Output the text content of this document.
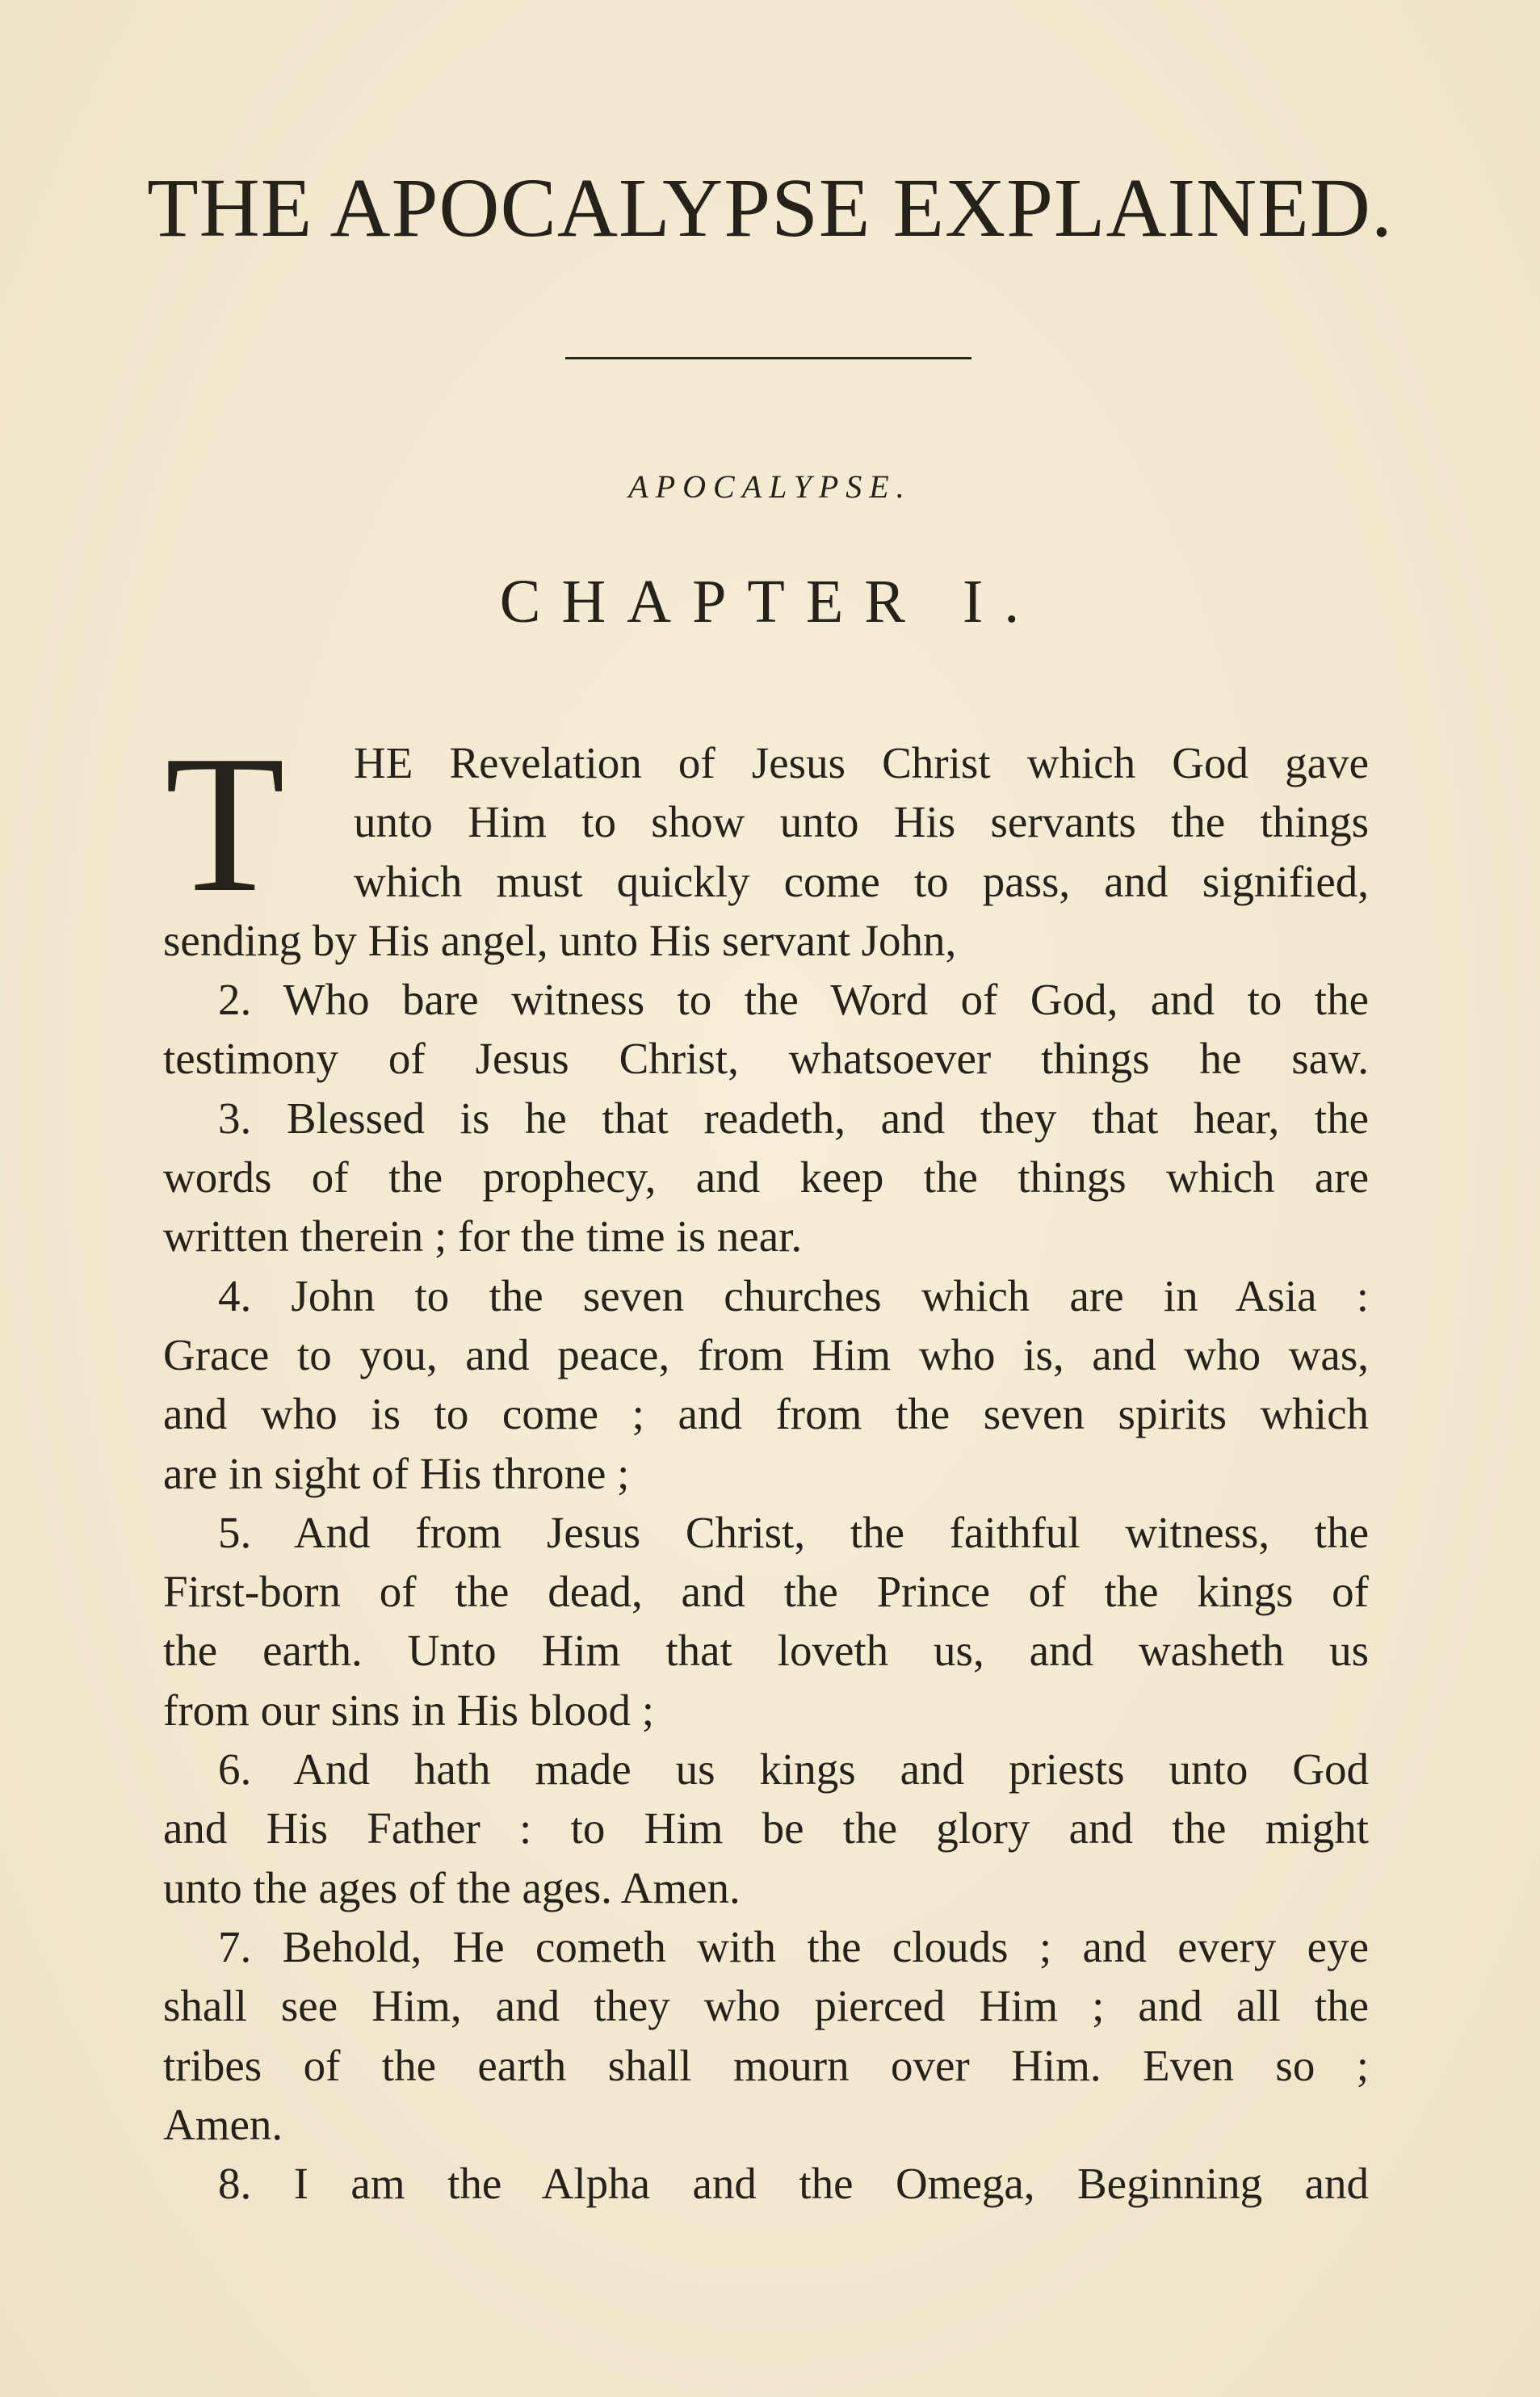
THE APOCALYPSE EXPLAINED.
APOCALYPSE.
CHAPTER I.
T	HE Revelation of Jesus Christ which God gave
unto Him to show unto His servants the things
which must quickly come to pass, and signified,
sending by His angel, unto His servant John,
2. Who bare witness to the Word of God, and to the
testimony of Jesus Christ, whatsoever things he saw.
3. Blessed is he that readeth, and they that hear, the
words of the prophecy, and keep the things which are
written therein ; for the time is near.
4. John to the seven churches which are in Asia :
Grace to you, and peace, from Him who is, and who was,
and who is to come ; and from the seven spirits which
are in sight of His throne ;
5. And from Jesus Christ, the faithful witness, the
First-born of the dead, and the Prince of the kings of
the earth. Unto Him that loveth us, and washeth us
from our sins in His blood ;
6. And hath made us kings and priests unto God
and His Father : to Him be the glory and the might
unto the ages of the ages. Amen.
7. Behold, He cometh with the clouds ; and every eye
shall see Him, and they who pierced Him ; and all the
tribes of the earth shall mourn over Him. Even so ;
Amen.
8. I am the Alpha and the Omega, Beginning and
